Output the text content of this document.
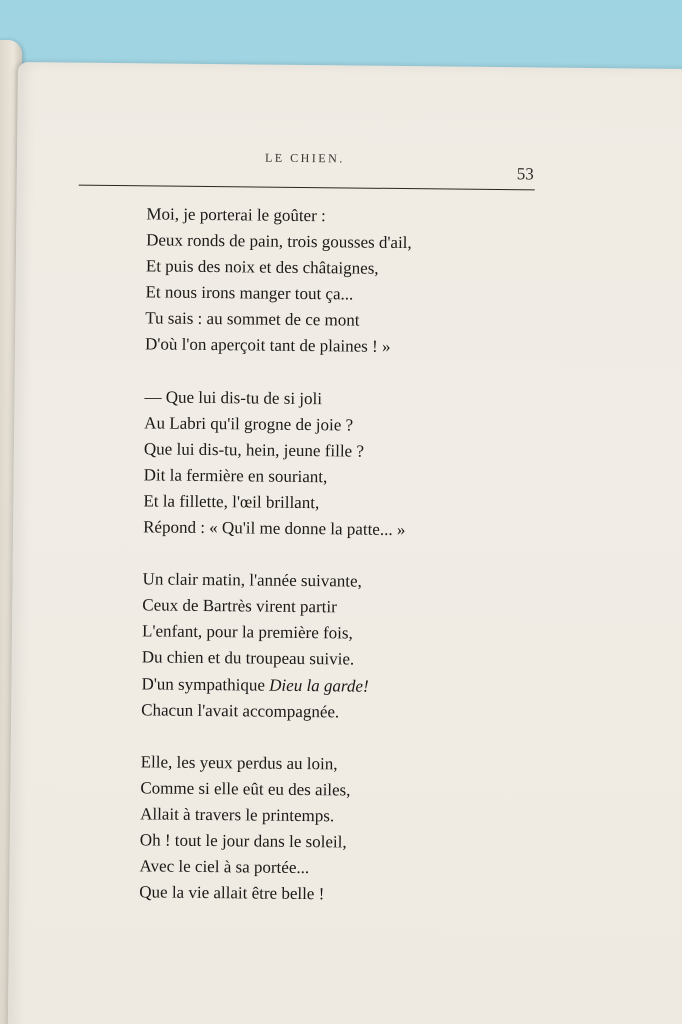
LE CHIEN.
53
Moi, je porterai le goûter :
Deux ronds de pain, trois gousses d'ail,
Et puis des noix et des châtaignes,
Et nous irons manger tout ça...
Tu sais : au sommet de ce mont
D'où l'on aperçoit tant de plaines ! »
— Que lui dis-tu de si joli
Au Labri qu'il grogne de joie ?
Que lui dis-tu, hein, jeune fille ?
Dit la fermière en souriant,
Et la fillette, l'œil brillant,
Répond : « Qu'il me donne la patte... »
Un clair matin, l'année suivante,
Ceux de Bartrès virent partir
L'enfant, pour la première fois,
Du chien et du troupeau suivie.
D'un sympathique Dieu la garde!
Chacun l'avait accompagnée.
Elle, les yeux perdus au loin,
Comme si elle eût eu des ailes,
Allait à travers le printemps.
Oh ! tout le jour dans le soleil,
Avec le ciel à sa portée...
Que la vie allait être belle !
